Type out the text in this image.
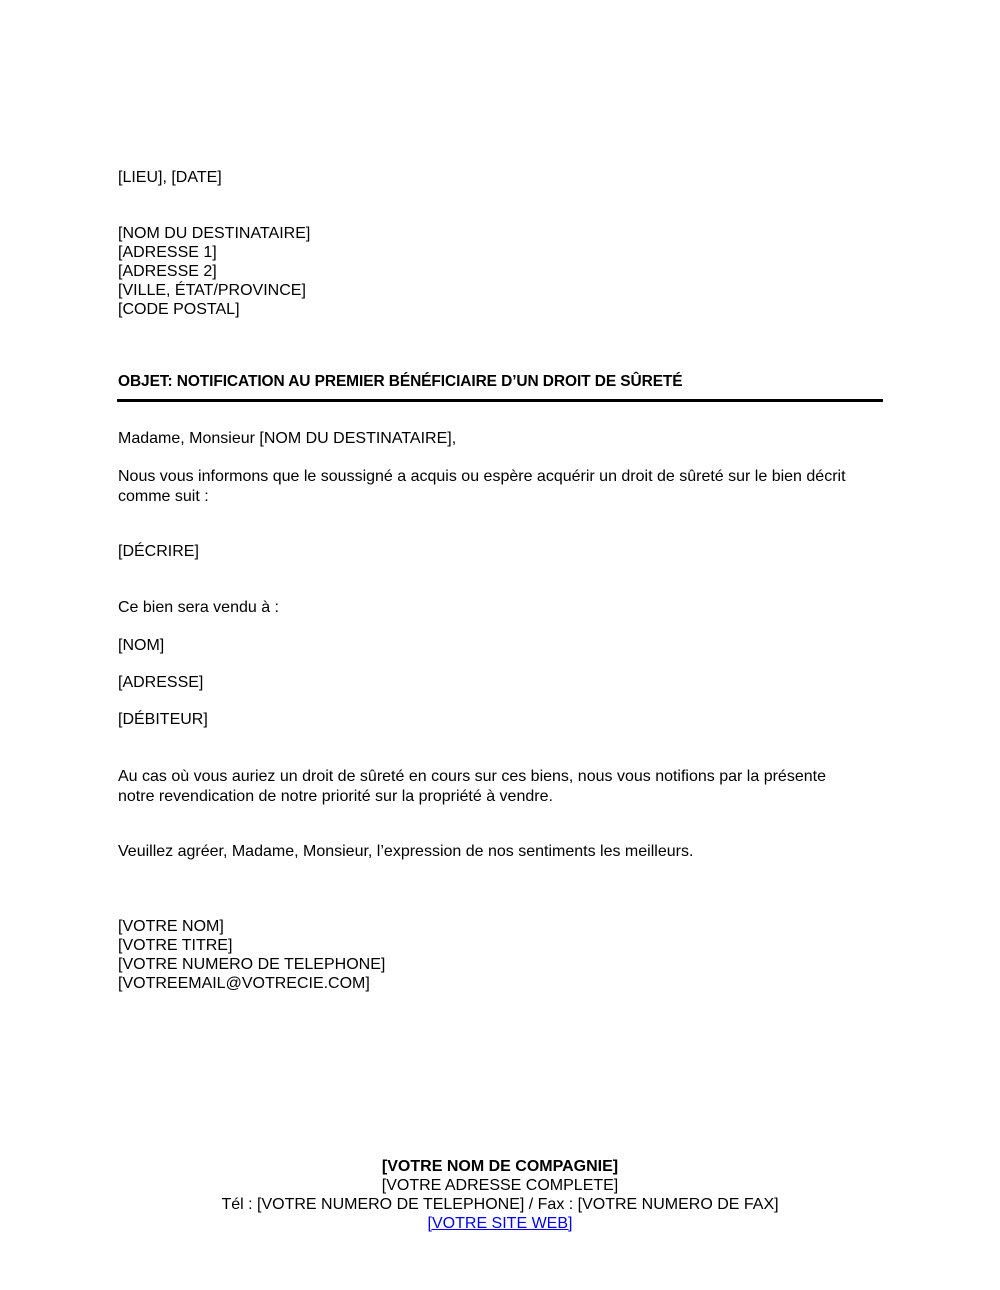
[LIEU], [DATE]
[NOM DU DESTINATAIRE]
[ADRESSE 1]
[ADRESSE 2]
[VILLE, ÉTAT/PROVINCE]
[CODE POSTAL]
OBJET: NOTIFICATION AU PREMIER BÉNÉFICIAIRE D’UN DROIT DE SÛRETÉ
Madame, Monsieur [NOM DU DESTINATAIRE],
Nous vous informons que le soussigné a acquis ou espère acquérir un droit de sûreté sur le bien décrit comme suit :
[DÉCRIRE]
Ce bien sera vendu à :
[NOM]
[ADRESSE]
[DÉBITEUR]
Au cas où vous auriez un droit de sûreté en cours sur ces biens, nous vous notifions par la présente notre revendication de notre priorité sur la propriété à vendre.
Veuillez agréer, Madame, Monsieur, l’expression de nos sentiments les meilleurs.
[VOTRE NOM]
[VOTRE TITRE]
[VOTRE NUMERO DE TELEPHONE]
[VOTREEMAIL@VOTRECIE.COM]
[VOTRE NOM DE COMPAGNIE]
[VOTRE ADRESSE COMPLETE]
Tél : [VOTRE NUMERO DE TELEPHONE] / Fax : [VOTRE NUMERO DE FAX]
[VOTRE SITE WEB]
